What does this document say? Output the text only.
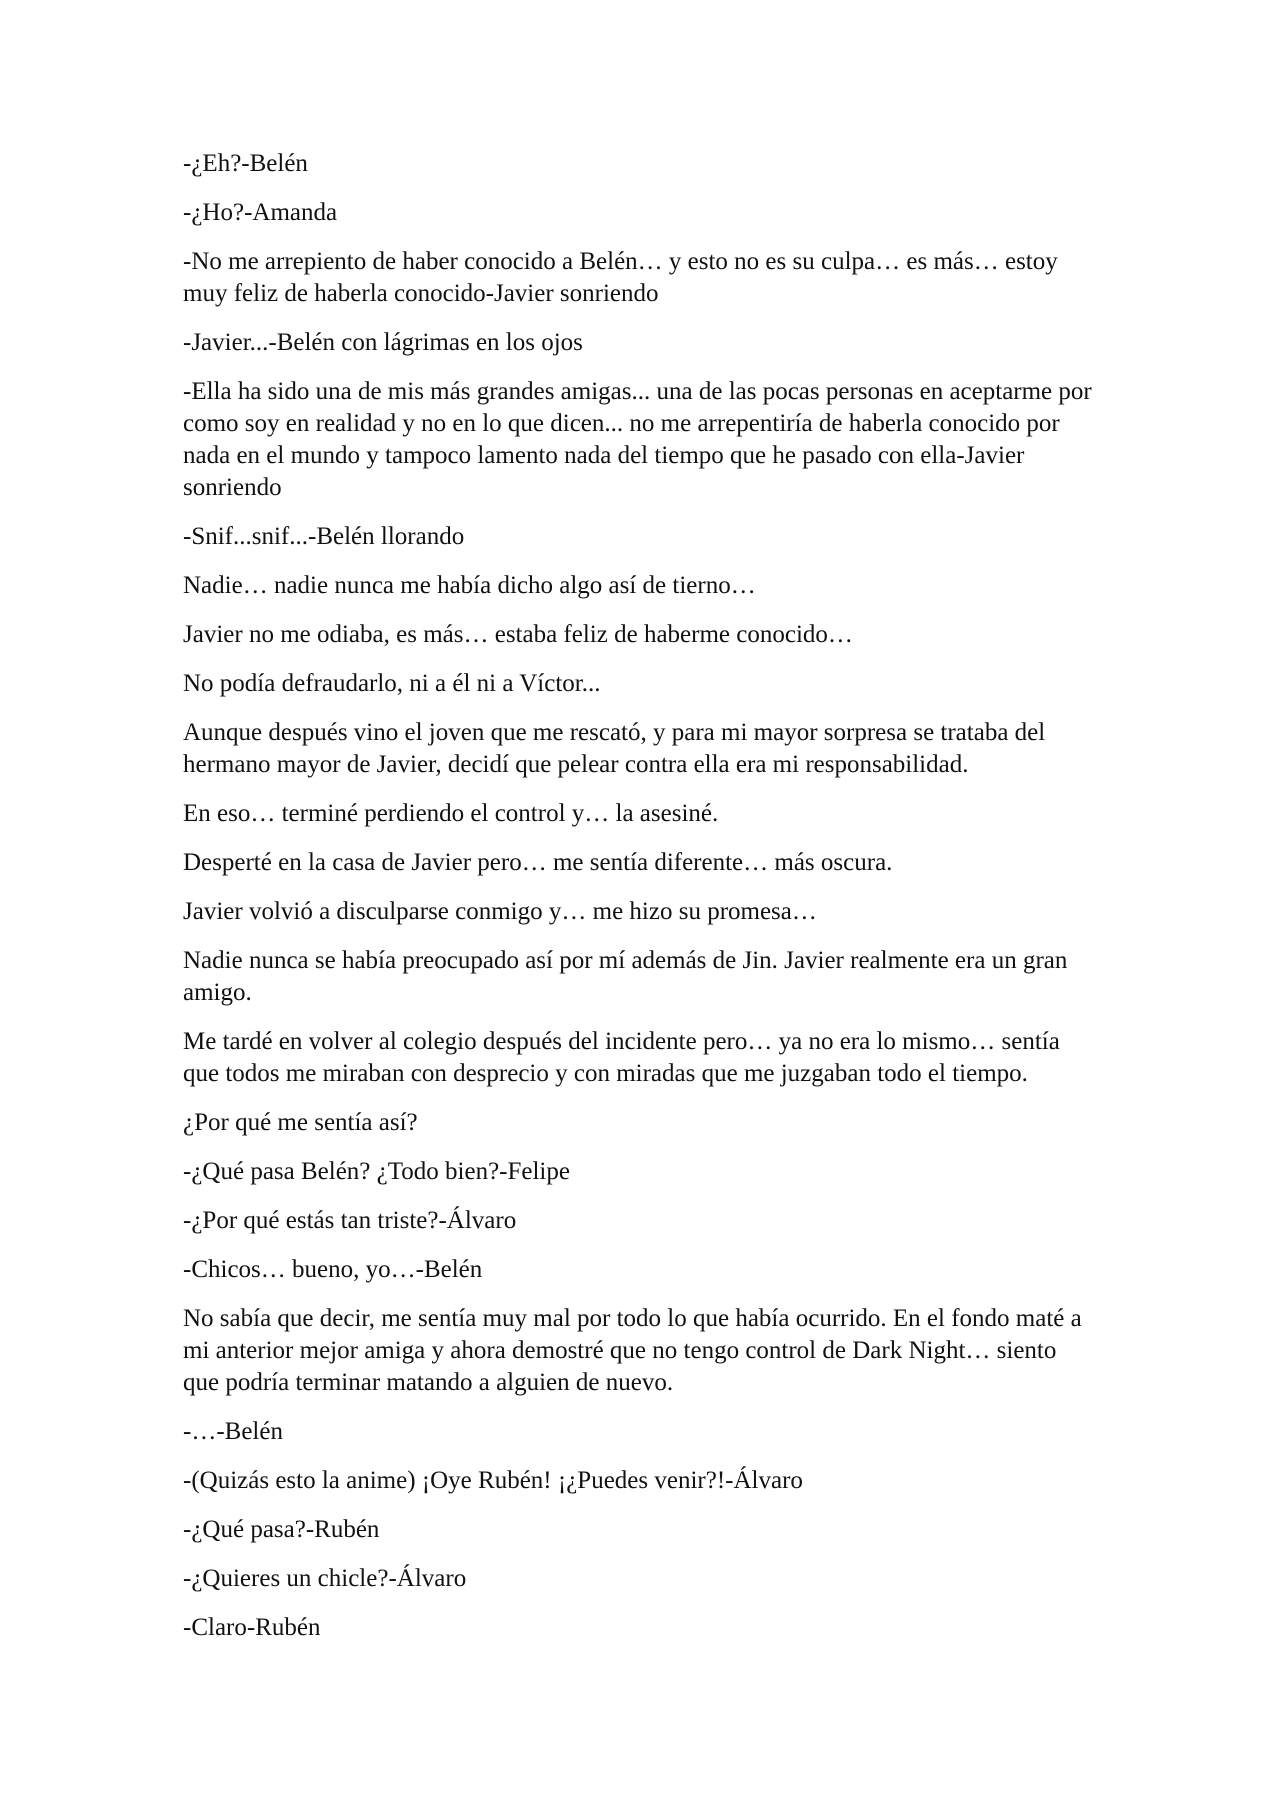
-¿Eh?-Belén

-¿Ho?-Amanda

-No me arrepiento de haber conocido a Belén… y esto no es su culpa… es más… estoy muy feliz de haberla conocido-Javier sonriendo

-Javier...-Belén con lágrimas en los ojos

-Ella ha sido una de mis más grandes amigas... una de las pocas personas en aceptarme por como soy en realidad y no en lo que dicen... no me arrepentiría de haberla conocido por nada en el mundo y tampoco lamento nada del tiempo que he pasado con ella-Javier sonriendo

-Snif...snif...-Belén llorando

Nadie… nadie nunca me había dicho algo así de tierno…

Javier no me odiaba, es más… estaba feliz de haberme conocido…

No podía defraudarlo, ni a él ni a Víctor...

Aunque después vino el joven que me rescató, y para mi mayor sorpresa se trataba del hermano mayor de Javier, decidí que pelear contra ella era mi responsabilidad.

En eso… terminé perdiendo el control y… la asesiné.

Desperté en la casa de Javier pero… me sentía diferente… más oscura.

Javier volvió a disculparse conmigo y… me hizo su promesa…

Nadie nunca se había preocupado así por mí además de Jin. Javier realmente era un gran amigo.

Me tardé en volver al colegio después del incidente pero… ya no era lo mismo… sentía que todos me miraban con desprecio y con miradas que me juzgaban todo el tiempo.

¿Por qué me sentía así?

-¿Qué pasa Belén? ¿Todo bien?-Felipe

-¿Por qué estás tan triste?-Álvaro

-Chicos… bueno, yo…-Belén

No sabía que decir, me sentía muy mal por todo lo que había ocurrido. En el fondo maté a mi anterior mejor amiga y ahora demostré que no tengo control de Dark Night… siento que podría terminar matando a alguien de nuevo.

-…-Belén

-(Quizás esto la anime) ¡Oye Rubén! ¡¿Puedes venir?!-Álvaro

-¿Qué pasa?-Rubén

-¿Quieres un chicle?-Álvaro

-Claro-Rubén
